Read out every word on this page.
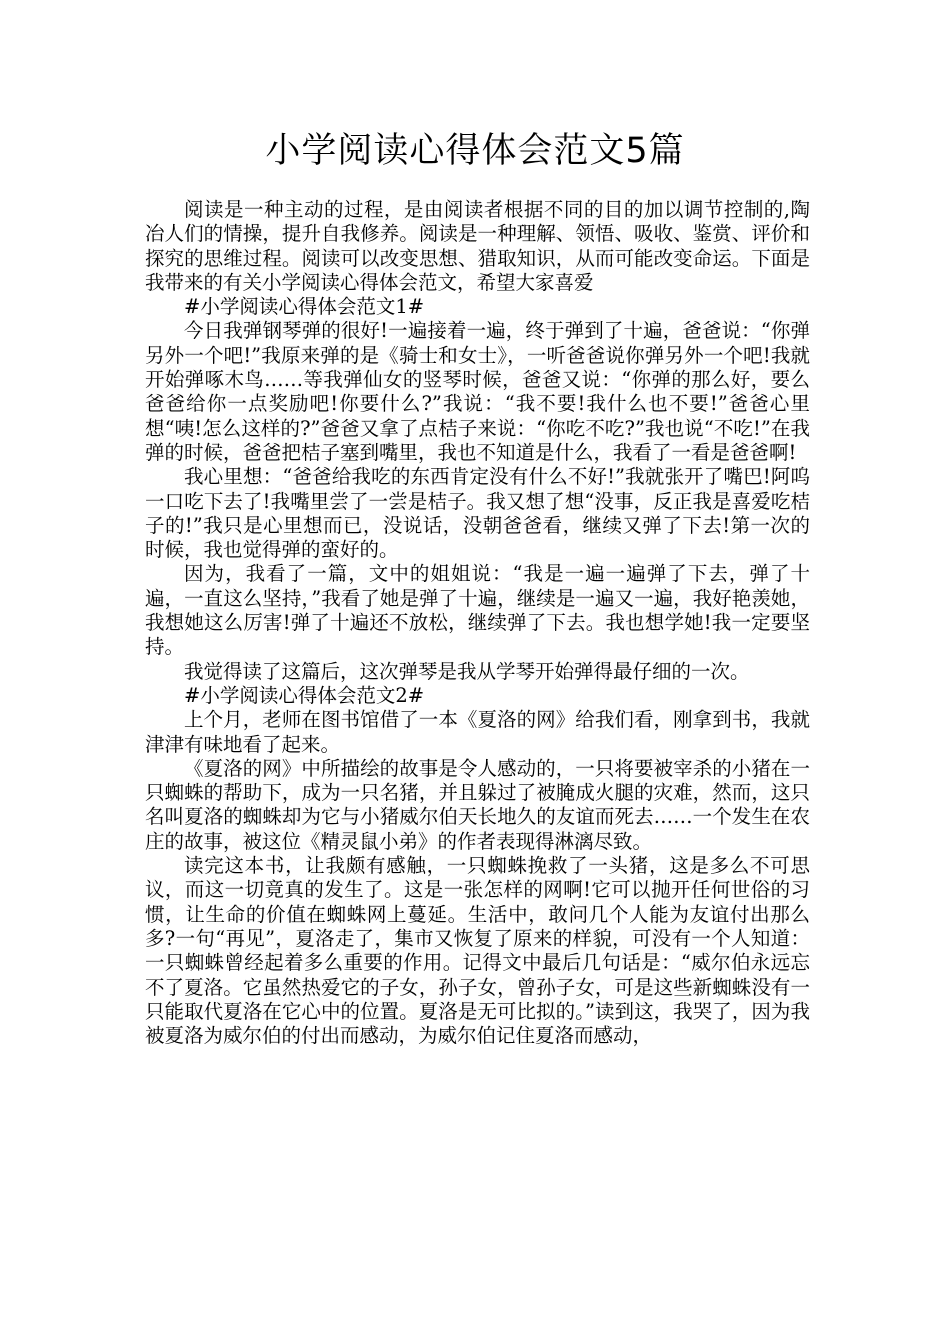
小学阅读心得体会范文5篇

阅读是一种主动的过程，是由阅读者根据不同的目的加以调节控制的,陶冶人们的情操，提升自我修养。阅读是一种理解、领悟、吸收、鉴赏、评价和探究的思维过程。阅读可以改变思想、猎取知识，从而可能改变命运。下面是我带来的有关小学阅读心得体会范文，希望大家喜爱

#小学阅读心得体会范文1#

今日我弹钢琴弹的很好!一遍接着一遍，终于弹到了十遍，爸爸说：“你弹另外一个吧!”我原来弹的是《骑士和女士》，一听爸爸说你弹另外一个吧!我就开始弹啄木鸟……等我弹仙女的竖琴时候，爸爸又说：“你弹的那么好，要么爸爸给你一点奖励吧!你要什么?”我说：“我不要!我什么也不要!”爸爸心里想“咦!怎么这样的?”爸爸又拿了点桔子来说：“你吃不吃?”我也说“不吃!”在我弹的时候，爸爸把桔子塞到嘴里，我也不知道是什么，我看了一看是爸爸啊!

我心里想：“爸爸给我吃的东西肯定没有什么不好!”我就张开了嘴巴!阿呜一口吃下去了!我嘴里尝了一尝是桔子。我又想了想“没事，反正我是喜爱吃桔子的!”我只是心里想而已，没说话，没朝爸爸看，继续又弹了下去!第一次的时候，我也觉得弹的蛮好的。

因为，我看了一篇，文中的姐姐说：“我是一遍一遍弹了下去，弹了十遍，一直这么坚持，”我看了她是弹了十遍，继续是一遍又一遍，我好艳羡她，我想她这么厉害!弹了十遍还不放松，继续弹了下去。我也想学她!我一定要坚持。

我觉得读了这篇后，这次弹琴是我从学琴开始弹得最仔细的一次。

#小学阅读心得体会范文2#

上个月，老师在图书馆借了一本《夏洛的网》给我们看，刚拿到书，我就津津有味地看了起来。

《夏洛的网》中所描绘的故事是令人感动的，一只将要被宰杀的小猪在一只蜘蛛的帮助下，成为一只名猪，并且躲过了被腌成火腿的灾难，然而，这只名叫夏洛的蜘蛛却为它与小猪威尔伯天长地久的友谊而死去……一个发生在农庄的故事，被这位《精灵鼠小弟》的作者表现得淋漓尽致。

读完这本书，让我颇有感触，一只蜘蛛挽救了一头猪，这是多么不可思议，而这一切竟真的发生了。这是一张怎样的网啊!它可以抛开任何世俗的习惯，让生命的价值在蜘蛛网上蔓延。生活中，敢问几个人能为友谊付出那么多?一句“再见”，夏洛走了，集市又恢复了原来的样貌，可没有一个人知道：一只蜘蛛曾经起着多么重要的作用。记得文中最后几句话是：“威尔伯永远忘不了夏洛。它虽然热爱它的子女，孙子女，曾孙子女，可是这些新蜘蛛没有一只能取代夏洛在它心中的位置。夏洛是无可比拟的。”读到这，我哭了，因为我被夏洛为威尔伯的付出而感动，为威尔伯记住夏洛而感动，
